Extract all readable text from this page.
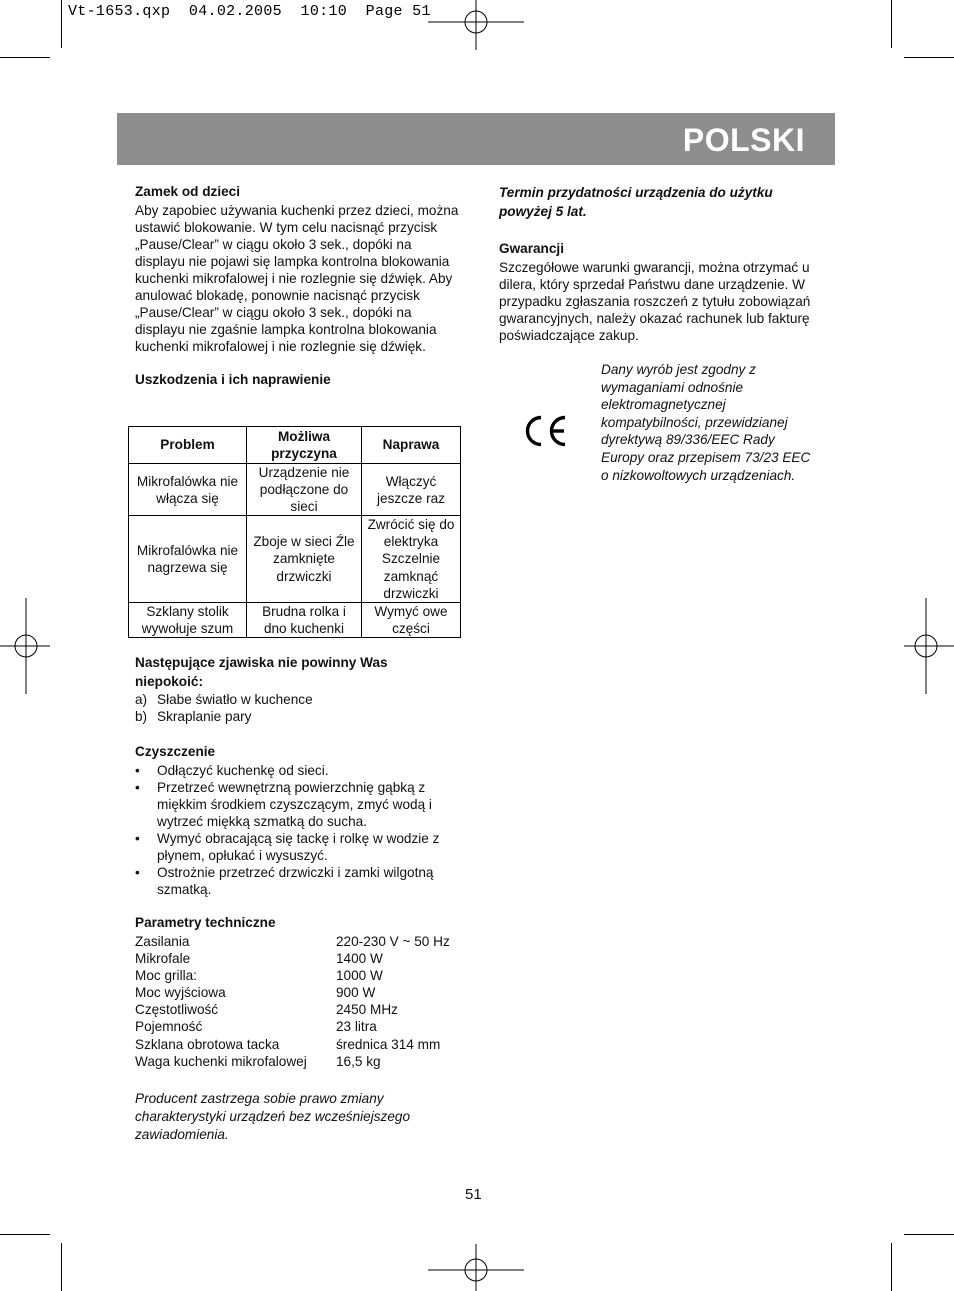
Vt-1653.qxp  04.02.2005  10:10  Page 51
POLSKI
Zamek od dzieci

Aby zapobiec używania kuchenki przez dzieci, można ustawić blokowanie. W tym celu nacisnąć przycisk „Pause/Clear” w ciągu około 3 sek., dopóki na displayu nie pojawi się lampka kontrolna blokowania kuchenki mikrofalowej i nie rozlegnie się dźwięk. Aby anulować blokadę, ponownie nacisnąć przycisk „Pause/Clear” w ciągu około 3 sek., dopóki na displayu nie zgaśnie lampka kontrolna blokowania kuchenki mikrofalowej i nie rozlegnie się dźwięk.

Uszkodzenia i ich naprawienie
Problem	Możliwa przyczyna	Naprawa
Mikrofalówka nie włącza się	Urządzenie nie podłączone do sieci	Włączyć jeszcze raz
Mikrofalówka nie nagrzewa się	Zboje w sieci Źle zamknięte drzwiczki	Zwrócić się do elektryka Szczelnie zamknąć drzwiczki
Szklany stolik wywołuje szum	Brudna rolka i dno kuchenki	Wymyć owe części
Następujące zjawiska nie powinny Was niepokoić:
a) Słabe światło w kuchence
b) Skraplanie pary
Czyszczenie
• Odłączyć kuchenkę od sieci.
• Przetrzeć wewnętrzną powierzchnię gąbką z miękkim środkiem czyszczącym, zmyć wodą i wytrzeć miękką szmatką do sucha.
• Wymyć obracającą się tackę i rolkę w wodzie z płynem, opłukać i wysuszyć.
• Ostrożnie przetrzeć drzwiczki i zamki wilgotną szmatką.
Parametry techniczne
Zasilania	220-230 V ~ 50 Hz
Mikrofale	1400 W
Moc grilla:	1000 W
Moc wyjściowa	900 W
Częstotliwość	2450 MHz
Pojemność	23 litra
Szklana obrotowa tacka	średnica 314 mm
Waga kuchenki mikrofalowej	16,5 kg

Producent zastrzega sobie prawo zmiany charakterystyki urządzeń bez wcześniejszego zawiadomienia.

Termin przydatności urządzenia do użytku powyżej 5 lat.

Gwarancji

Szczegółowe warunki gwarancji, można otrzymać u dilera, który sprzedał Państwu dane urządzenie. W przypadku zgłaszania roszczeń z tytułu zobowiązań gwarancyjnych, należy okazać rachunek lub fakturę poświadczające zakup.

Dany wyrób jest zgodny z wymaganiami odnośnie elektromagnetycznej kompatybilności, przewidzianej dyrektywą 89/336/EEC Rady Europy oraz przepisem 73/23 EEC o nizkowoltowych urządzeniach.

51
